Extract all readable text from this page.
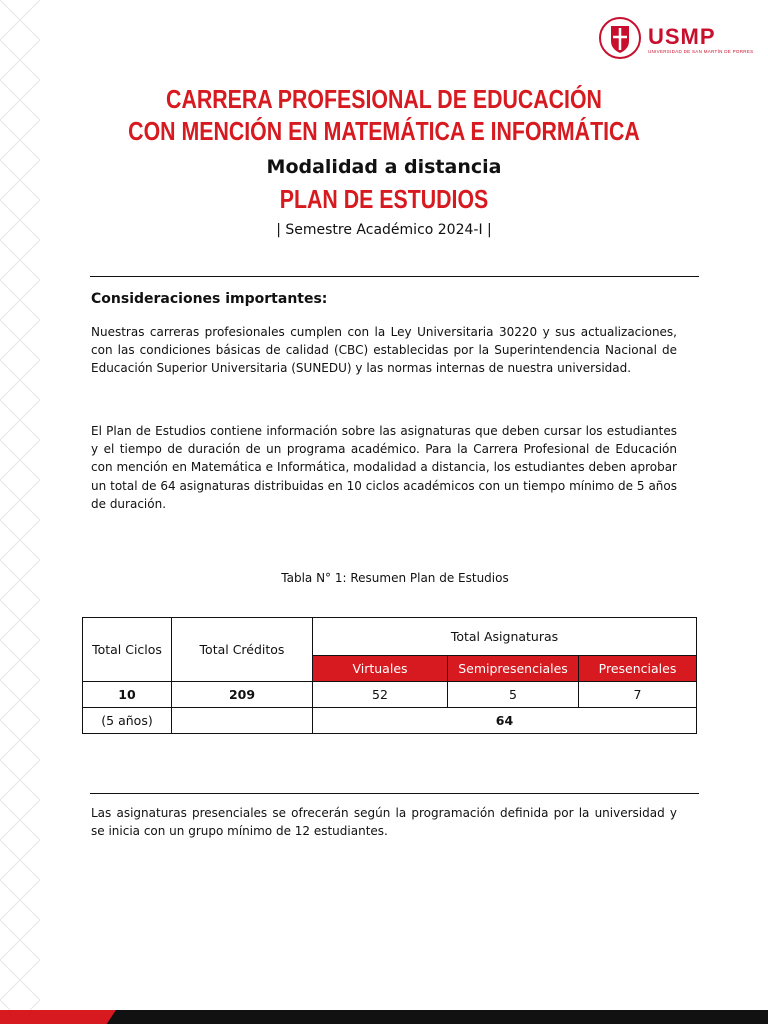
USMP
UNIVERSIDAD DE SAN MARTÍN DE PORRES
CARRERA PROFESIONAL DE EDUCACIÓN
CON MENCIÓN EN MATEMÁTICA E INFORMÁTICA
Modalidad a distancia
PLAN DE ESTUDIOS
| Semestre Académico 2024-I |
Consideraciones importantes:
Nuestras carreras profesionales cumplen con la Ley Universitaria 30220 y sus actualizaciones, con las condiciones básicas de calidad (CBC) establecidas por la Superintendencia Nacional de Educación Superior Universitaria (SUNEDU) y las normas internas de nuestra universidad.
El Plan de Estudios contiene información sobre las asignaturas que deben cursar los estudiantes y el tiempo de duración de un programa académico. Para la Carrera Profesional de Educación con mención en Matemática e Informática, modalidad a distancia, los estudiantes deben aprobar un total de 64 asignaturas distribuidas en 10 ciclos académicos con un tiempo mínimo de 5 años de duración.
Tabla N° 1: Resumen Plan de Estudios
Total Ciclos	Total Créditos	Total Asignaturas		
		Virtuales	Semipresenciales	Presenciales
10	209	52	5	7
(5 años)		64		
Las asignaturas presenciales se ofrecerán según la programación definida por la universidad y se inicia con un grupo mínimo de 12 estudiantes.
